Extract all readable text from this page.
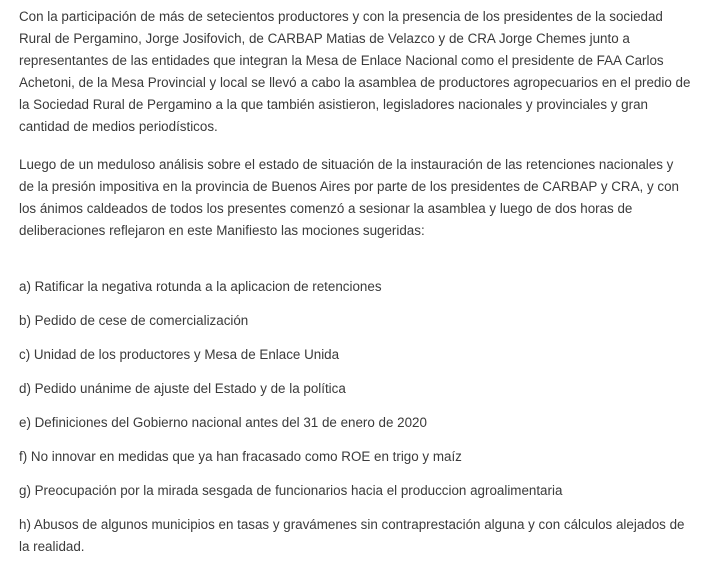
Con la participación de más de setecientos productores y con la presencia de los presidentes de la sociedad Rural de Pergamino, Jorge Josifovich, de CARBAP Matias de Velazco y de CRA Jorge Chemes junto a representantes de las entidades que integran la Mesa de Enlace Nacional como el presidente de FAA Carlos Achetoni, de la Mesa Provincial y local se llevó a cabo la asamblea de productores agropecuarios en el predio de la Sociedad Rural de Pergamino a la que también asistieron, legisladores nacionales y provinciales y gran cantidad de medios periodísticos.

Luego de un meduloso análisis sobre el estado de situación de la instauración de las retenciones nacionales y de la presión impositiva en la provincia de Buenos Aires por parte de los presidentes de CARBAP y CRA, y con los ánimos caldeados de todos los presentes comenzó a sesionar la asamblea y luego de dos horas de deliberaciones reflejaron en este Manifiesto las mociones sugeridas:

a) Ratificar la negativa rotunda a la aplicacion de retenciones
b) Pedido de cese de comercialización
c) Unidad de los productores y Mesa de Enlace Unida
d) Pedido unánime de ajuste del Estado y de la política
e) Definiciones del Gobierno nacional antes del 31 de enero de 2020
f) No innovar en medidas que ya han fracasado como ROE en trigo y maíz
g) Preocupación por la mirada sesgada de funcionarios hacia el produccion agroalimentaria
h) Abusos de algunos municipios en tasas y gravámenes sin contraprestación alguna y con cálculos alejados de la realidad.
